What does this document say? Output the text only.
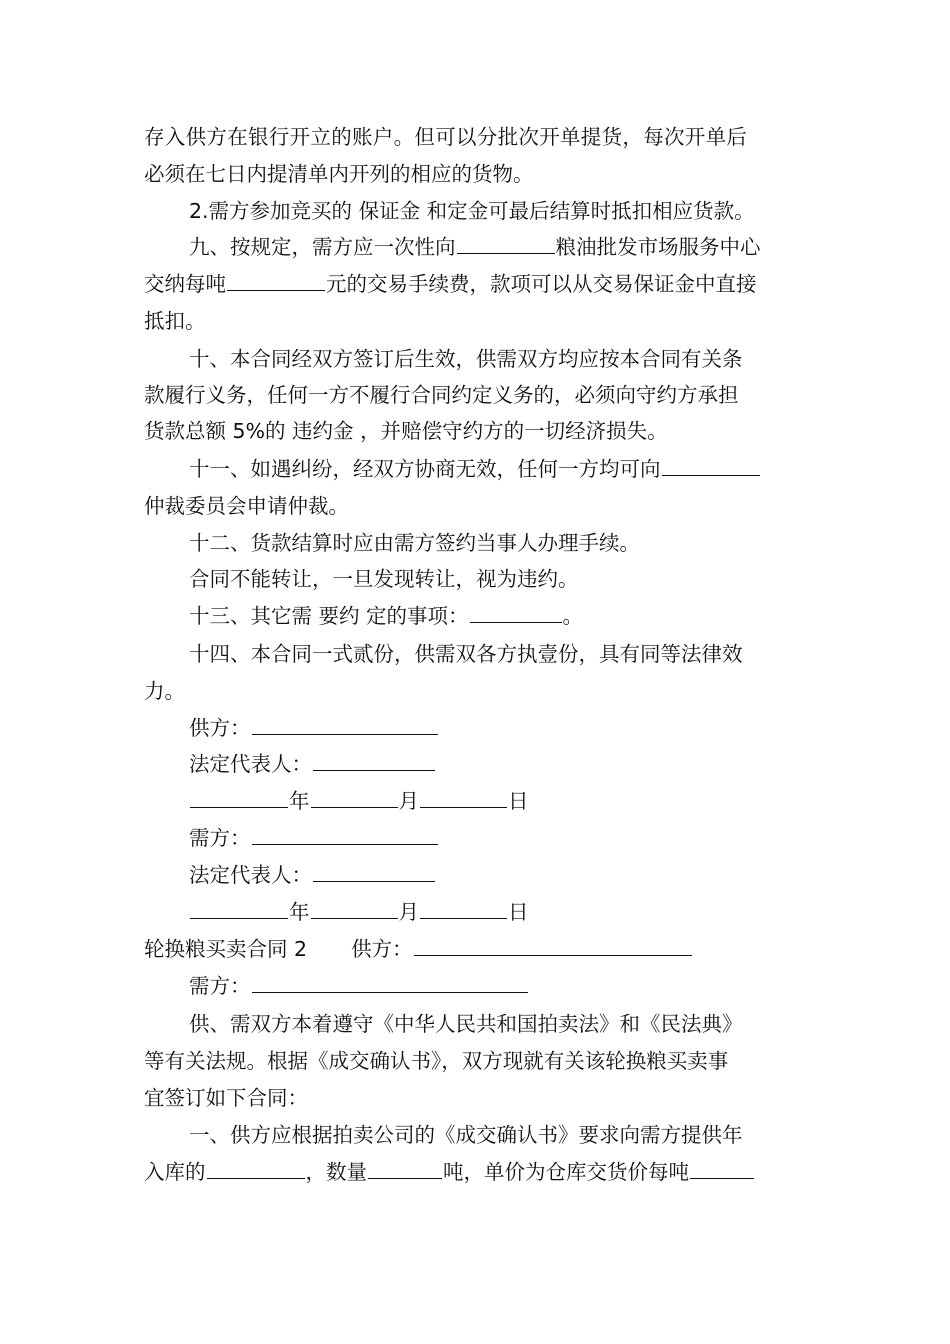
存入供方在银行开立的账户。但可以分批次开单提货，每次开单后
必须在七日内提清单内开列的相应的货物。
2.需方参加竞买的 保证金 和定金可最后结算时抵扣相应货款。
九、按规定，需方应一次性向	粮油批发市场服务中心
交纳每吨	元的交易手续费，款项可以从交易保证金中直接
抵扣。
十、本合同经双方签订后生效，供需双方均应按本合同有关条
款履行义务，任何一方不履行合同约定义务的，必须向守约方承担
货款总额 5%的 违约金 ，并赔偿守约方的一切经济损失。
十一、如遇纠纷，经双方协商无效，任何一方均可向
仲裁委员会申请仲裁。
十二、货款结算时应由需方签约当事人办理手续。
合同不能转让，一旦发现转让，视为违约。
十三、其它需 要约 定的事项：	。
十四、本合同一式贰份，供需双各方执壹份，具有同等法律效
力。
供方：
法定代表人：
年	月	日
需方：
法定代表人：
年	月	日
轮换粮买卖合同 2 供方：
需方：
供、需双方本着遵守《中华人民共和国拍卖法》和《民法典》
等有关法规。根据《成交确认书》，双方现就有关该轮换粮买卖事
宜签订如下合同：
一、供方应根据拍卖公司的《成交确认书》要求向需方提供年
入库的	，数量	吨，单价为仓库交货价每吨
